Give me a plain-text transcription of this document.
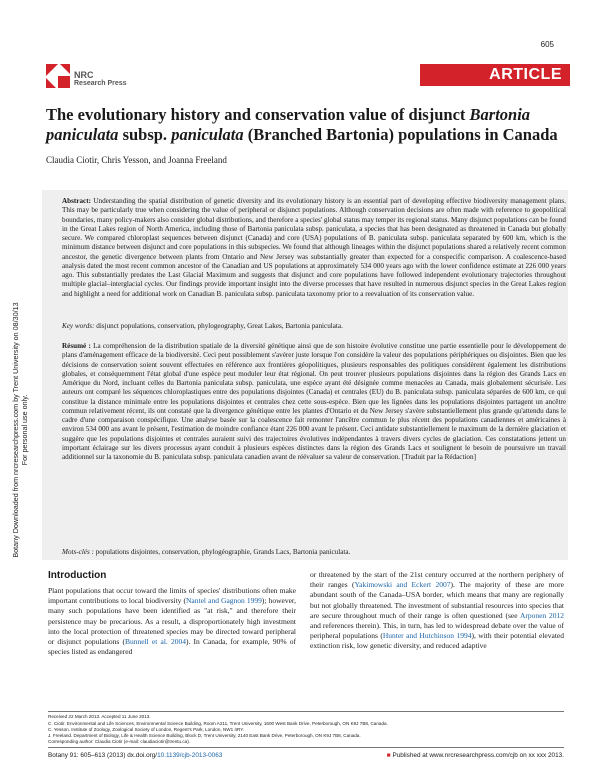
605
NRC
Research Press
ARTICLE
Botany Downloaded from nrcresearchpress.com by Trent University on 08/30/13
For personal use only.
The evolutionary history and conservation value of disjunct Bartonia paniculata subsp. paniculata (Branched Bartonia) populations in Canada
Claudia Ciotir, Chris Yesson, and Joanna Freeland
Abstract: Understanding the spatial distribution of genetic diversity and its evolutionary history is an essential part of developing effective biodiversity management plans. This may be particularly true when considering the value of peripheral or disjunct populations. Although conservation decisions are often made with reference to geopolitical boundaries, many policy-makers also consider global distributions, and therefore a species' global status may temper its regional status. Many disjunct populations can be found in the Great Lakes region of North America, including those of Bartonia paniculata subsp. paniculata, a species that has been designated as threatened in Canada but globally secure. We compared chloroplast sequences between disjunct (Canada) and core (USA) populations of B. paniculata subsp. paniculata separated by 600 km, which is the minimum distance between disjunct and core populations in this subspecies. We found that although lineages within the disjunct populations shared a relatively recent common ancestor, the genetic divergence between plants from Ontario and New Jersey was substantially greater than expected for a conspecific comparison. A coalescence-based analysis dated the most recent common ancestor of the Canadian and US populations at approximately 534 000 years ago with the lower confidence estimate at 226 000 years ago. This substantially predates the Last Glacial Maximum and suggests that disjunct and core populations have followed independent evolutionary trajectories throughout multiple glacial–interglacial cycles. Our findings provide important insight into the diverse processes that have resulted in numerous disjunct species in the Great Lakes region and highlight a need for additional work on Canadian B. paniculata subsp. paniculata taxonomy prior to a reevaluation of its conservation value.
Key words: disjunct populations, conservation, phylogeography, Great Lakes, Bartonia paniculata.
Résumé : La compréhension de la distribution spatiale de la diversité génétique ainsi que de son histoire évolutive constitue une partie essentielle pour le développement de plans d'aménagement efficace de la biodiversité. Ceci peut possiblement s'avérer juste lorsque l'on considère la valeur des populations périphériques ou disjointes. Bien que les décisions de conservation soient souvent effectuées en référence aux frontières géopolitiques, plusieurs responsables des politiques considèrent également les distributions globales, et conséquemment l'état global d'une espèce peut moduler leur état régional. On peut trouver plusieurs populations disjointes dans la région des Grands Lacs en Amérique du Nord, incluant celles du Bartonia paniculata subsp. paniculata, une espèce ayant été désignée comme menacées au Canada, mais globalement sécurisée. Les auteurs ont comparé les séquences chloroplastiques entre des populations disjointes (Canada) et centrales (EU) du B. paniculata subsp. paniculata séparées de 600 km, ce qui constitue la distance minimale entre les populations disjointes et centrales chez cette sous-espèce. Bien que les lignées dans les populations disjointes partagent un ancêtre commun relativement récent, ils ont constaté que la divergence génétique entre les plantes d'Ontario et du New Jersey s'avère substantiellement plus grande qu'attendu dans le cadre d'une comparaison conspécifique. Une analyse basée sur la coalescence fait remonter l'ancêtre commun le plus récent des populations canadiennes et américaines à environ 534 000 ans avant le présent, l'estimation de moindre confiance étant 226 000 avant le présent. Ceci antidate substantiellement le maximum de la dernière glaciation et suggère que les populations disjointes et centrales auraient suivi des trajectoires évolutives indépendantes à travers divers cycles de glaciation. Ces constatations jettent un important éclairage sur les divers processus ayant conduit à plusieurs espèces distinctes dans la région des Grands Lacs et soulignent le besoin de poursuivre un travail additionnel sur la taxonomie du B. paniculata subsp. paniculata canadien avant de réévaluer sa valeur de conservation. [Traduit par la Rédaction]
Mots-clés : populations disjointes, conservation, phylogéographie, Grands Lacs, Bartonia paniculata.
Introduction
Plant populations that occur toward the limits of species' distributions often make important contributions to local biodiversity (Nantel and Gagnon 1999); however, many such populations have been identified as "at risk," and therefore their persistence may be precarious. As a result, a disproportionately high investment into the local protection of threatened species may be directed toward peripheral or disjunct populations (Bunnell et al. 2004). In Canada, for example, 90% of species listed as endangered
or threatened by the start of the 21st century occurred at the northern periphery of their ranges (Yakimowski and Eckert 2007). The majority of these are more abundant south of the Canada–USA border, which means that many are regionally but not globally threatened. The investment of substantial resources into species that are secure throughout much of their range is often questioned (see Arponen 2012 and references therein). This, in turn, has led to widespread debate over the value of peripheral populations (Hunter and Hutchinson 1994), with their potential elevated extinction risk, low genetic diversity, and reduced adaptive
Received 22 March 2013. Accepted 11 June 2013.
C. Ciotir. Environmental and Life Sciences, Environmental Science Building, Room A211, Trent University, 1600 West Bank Drive, Peterborough, ON K9J 7B8, Canada.
C. Yesson. Institute of Zoology, Zoological Society of London, Regent's Park, London, NW1 4RY.
J. Freeland. Department of Biology, Life & Health Science Building, Block D, Trent University, 2140 East Bank Drive, Peterborough, ON K9J 7B8, Canada.
Corresponding author: Claudia Ciotir (e-mail: claudiaciotir@trentu.ca).
Botany 91: 605–613 (2013) dx.doi.org/10.1139/cjb-2013-0063	■ Published at www.nrcresearchpress.com/cjb on xx xxx 2013.
